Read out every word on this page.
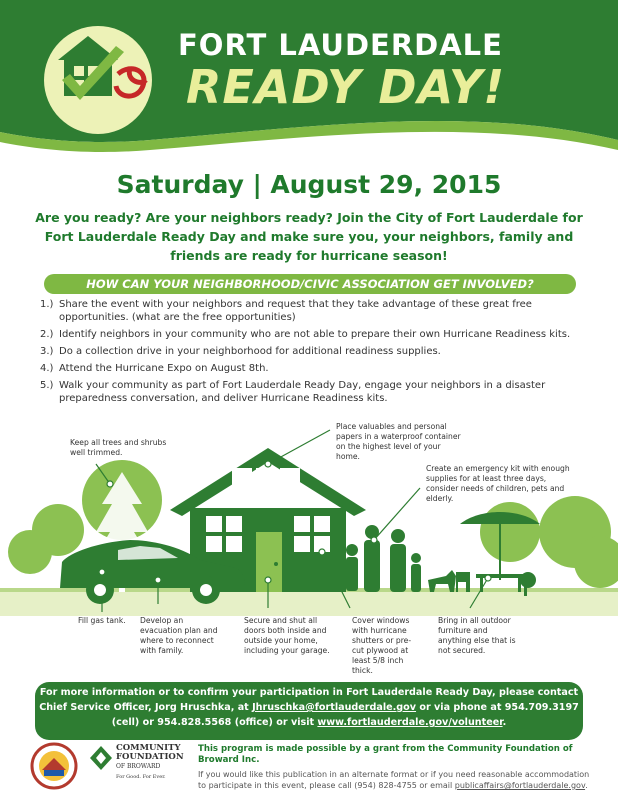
FORT LAUDERDALE
READY DAY!
Saturday | August 29, 2015
Are you ready? Are your neighbors ready? Join the City of Fort Lauderdale for Fort Lauderdale Ready Day and make sure you, your neighbors, family and friends are ready for hurricane season!
HOW CAN YOUR NEIGHBORHOOD/CIVIC ASSOCIATION GET INVOLVED?
1.) Share the event with your neighbors and request that they take advantage of these great free opportunities. (what are the free opportunities)
2.) Identify neighbors in your community who are not able to prepare their own Hurricane Readiness kits.
3.) Do a collection drive in your neighborhood for additional readiness supplies.
4.) Attend the Hurricane Expo on August 8th.
5.) Walk your community as part of Fort Lauderdale Ready Day, engage your neighbors in a disaster preparedness conversation, and deliver Hurricane Readiness kits.
Keep all trees and shrubs well trimmed.
Place valuables and personal papers in a waterproof container on the highest level of your home.
Create an emergency kit with enough supplies for at least three days, consider needs of children, pets and elderly.
Fill gas tank.	Develop an evacuation plan and where to reconnect with family.
Secure and shut all doors both inside and outside your home, including your garage.
Cover windows with hurricane shutters or pre-cut plywood at least 5/8 inch thick.
Bring in all outdoor furniture and anything else that is not secured.
For more information or to confirm your participation in Fort Lauderdale Ready Day, please contact Chief Service Officer, Jorg Hruschka, at Jhruschka@fortlauderdale.gov or via phone at 954.709.3197 (cell) or 954.828.5568 (office) or visit www.fortlauderdale.gov/volunteer.
COMMUNITY
FOUNDATION
OF BROWARD
For Good. For Ever.
This program is made possible by a grant from the Community Foundation of Broward Inc.
If you would like this publication in an alternate format or if you need reasonable accommodation to participate in this event, please call (954) 828-4755 or email publicaffairs@fortlauderdale.gov.
